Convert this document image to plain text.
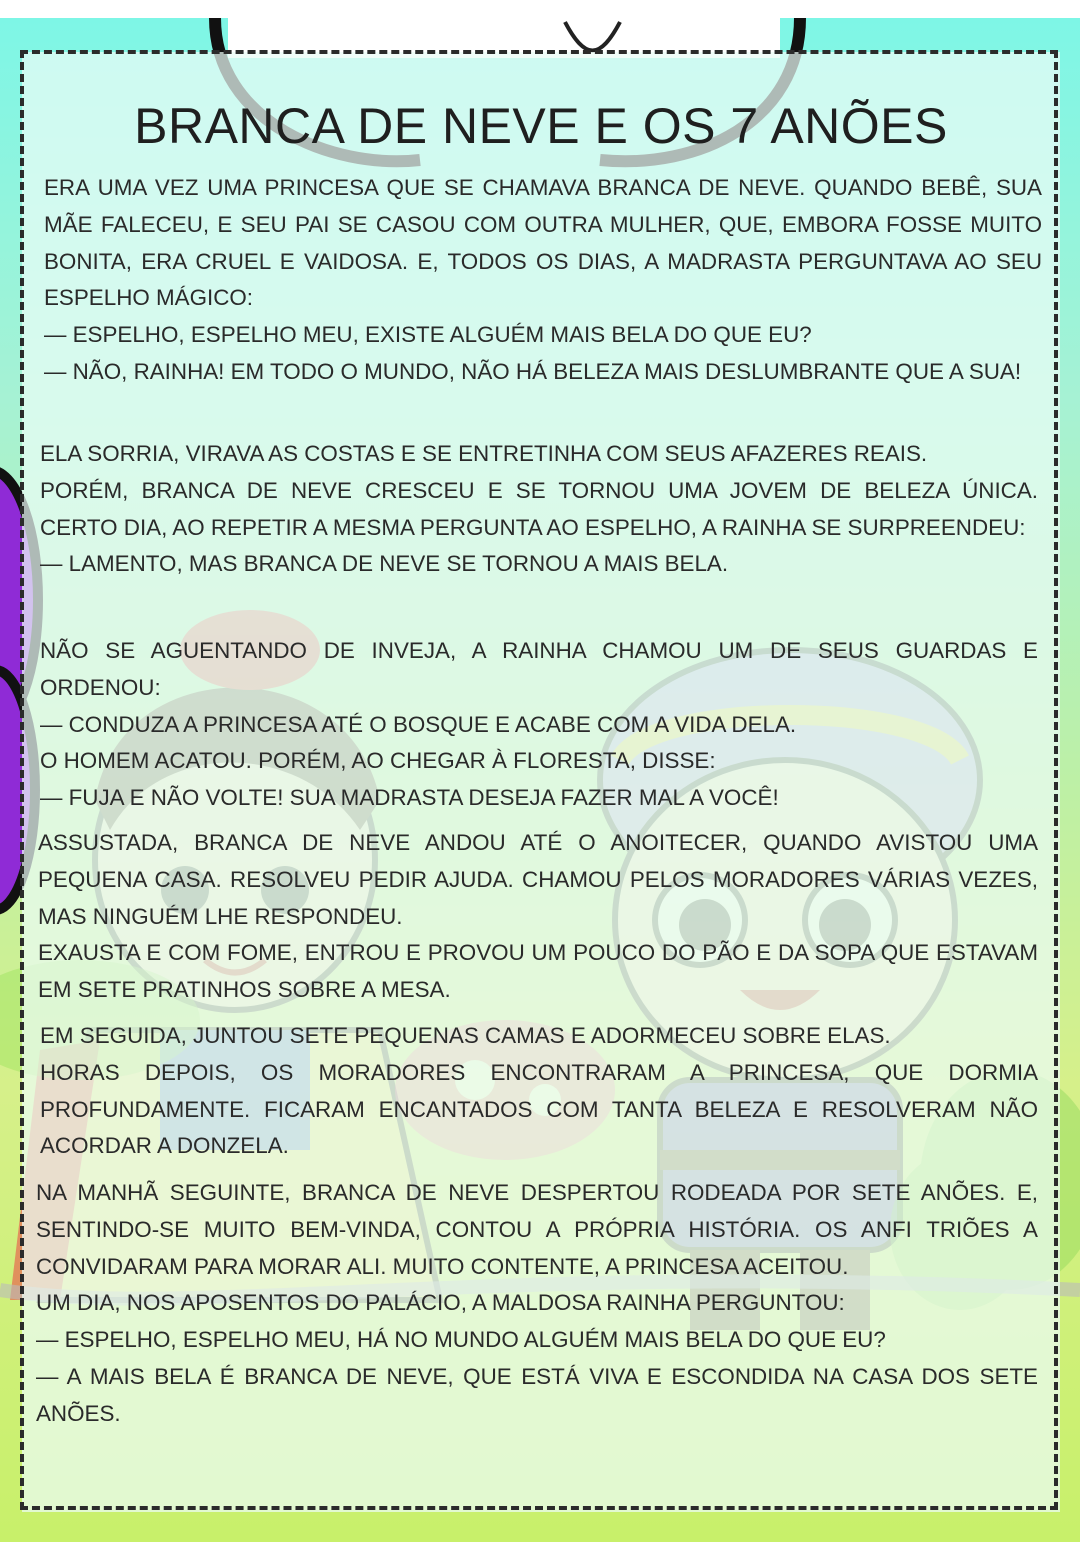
BRANCA DE NEVE E OS 7 ANÕES
ERA UMA VEZ UMA PRINCESA QUE SE CHAMAVA BRANCA DE NEVE. QUANDO BEBÊ, SUA MÃE FALECEU, E SEU PAI SE CASOU COM OUTRA MULHER, QUE, EMBORA FOSSE MUITO BONITA, ERA CRUEL E VAIDOSA. E, TODOS OS DIAS, A MADRASTA PERGUNTAVA AO SEU ESPELHO MÁGICO:
— ESPELHO, ESPELHO MEU, EXISTE ALGUÉM MAIS BELA DO QUE EU?
— NÃO, RAINHA! EM TODO O MUNDO, NÃO HÁ BELEZA MAIS DESLUMBRANTE QUE A SUA!
ELA SORRIA, VIRAVA AS COSTAS E SE ENTRETINHA COM SEUS AFAZERES REAIS.
PORÉM, BRANCA DE NEVE CRESCEU E SE TORNOU UMA JOVEM DE BELEZA ÚNICA. CERTO DIA, AO REPETIR A MESMA PERGUNTA AO ESPELHO, A RAINHA SE SURPREENDEU:
— LAMENTO, MAS BRANCA DE NEVE SE TORNOU A MAIS BELA.
NÃO SE AGUENTANDO DE INVEJA, A RAINHA CHAMOU UM DE SEUS GUARDAS E ORDENOU:
— CONDUZA A PRINCESA ATÉ O BOSQUE E ACABE COM A VIDA DELA.
O HOMEM ACATOU. PORÉM, AO CHEGAR À FLORESTA, DISSE:
— FUJA E NÃO VOLTE! SUA MADRASTA DESEJA FAZER MAL A VOCÊ!
ASSUSTADA, BRANCA DE NEVE ANDOU ATÉ O ANOITECER, QUANDO AVISTOU UMA PEQUENA CASA. RESOLVEU PEDIR AJUDA. CHAMOU PELOS MORADORES VÁRIAS VEZES, MAS NINGUÉM LHE RESPONDEU.
EXAUSTA E COM FOME, ENTROU E PROVOU UM POUCO DO PÃO E DA SOPA QUE ESTAVAM EM SETE PRATINHOS SOBRE A MESA.
EM SEGUIDA, JUNTOU SETE PEQUENAS CAMAS E ADORMECEU SOBRE ELAS.
HORAS DEPOIS, OS MORADORES ENCONTRARAM A PRINCESA, QUE DORMIA PROFUNDAMENTE. FICARAM ENCANTADOS COM TANTA BELEZA E RESOLVERAM NÃO ACORDAR A DONZELA.
NA MANHÃ SEGUINTE, BRANCA DE NEVE DESPERTOU RODEADA POR SETE ANÕES. E, SENTINDO-SE MUITO BEM-VINDA, CONTOU A PRÓPRIA HISTÓRIA. OS ANFI TRIÕES A CONVIDARAM PARA MORAR ALI. MUITO CONTENTE, A PRINCESA ACEITOU.
UM DIA, NOS APOSENTOS DO PALÁCIO, A MALDOSA RAINHA PERGUNTOU:
— ESPELHO, ESPELHO MEU, HÁ NO MUNDO ALGUÉM MAIS BELA DO QUE EU?
— A MAIS BELA É BRANCA DE NEVE, QUE ESTÁ VIVA E ESCONDIDA NA CASA DOS SETE ANÕES.
